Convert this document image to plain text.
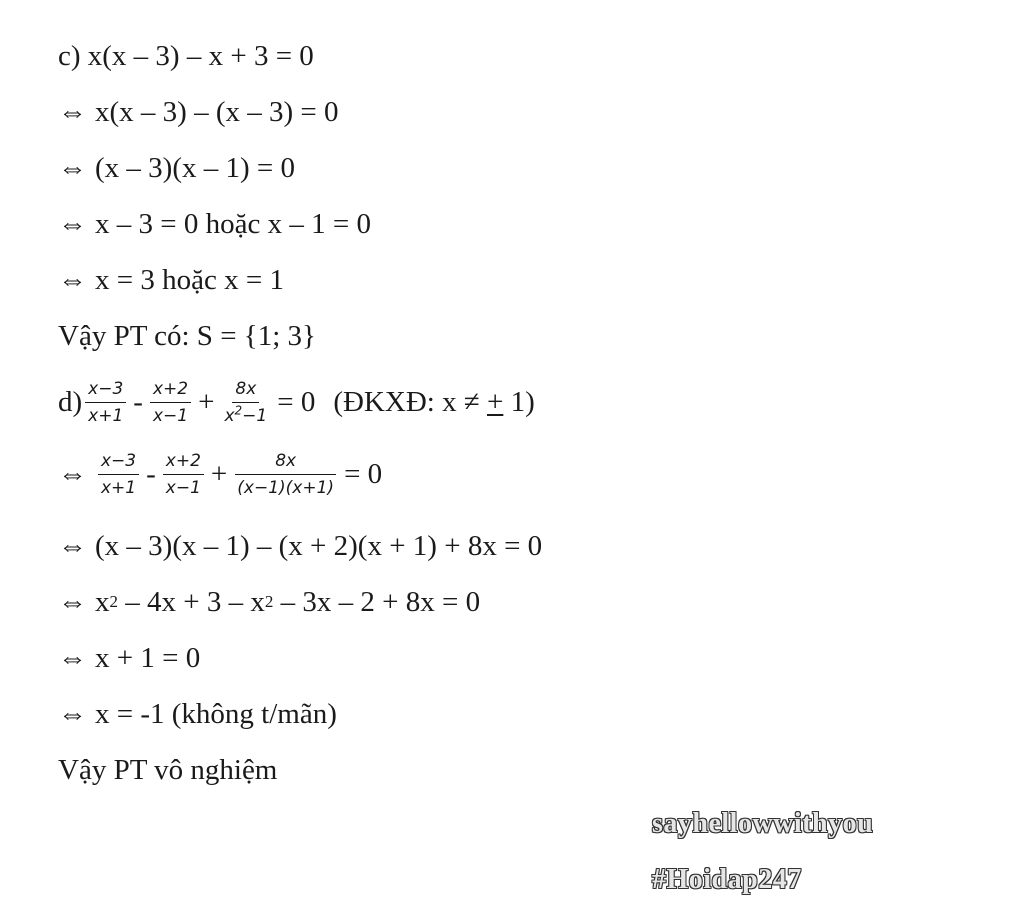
c) x(x – 3) – x + 3 = 0
⇔ x(x – 3) – (x – 3) = 0
⇔ (x – 3)(x – 1) = 0
⇔ x – 3 = 0 hoặc x – 1 = 0
⇔ x = 3 hoặc x = 1
Vậy PT có: S = {1; 3}
$d) \frac{x-3}{x+1} - \frac{x+2}{x-1} + \frac{8x}{x^2-1} = 0$ (ĐKXĐ: x ≠ + 1)
⇔ $\frac{x-3}{x+1} - \frac{x+2}{x-1} + \frac{8x}{(x-1)(x+1)} = 0$
⇔ (x – 3)(x – 1) – (x + 2)(x + 1) + 8x = 0
⇔ x 2 – 4x + 3 – x 2 – 3x – 2 + 8x = 0
⇔ x + 1 = 0
⇔ x = -1 (không t/mãn)
Vậy PT vô nghiệm
sayhellowwithyou
#Hoidap247
